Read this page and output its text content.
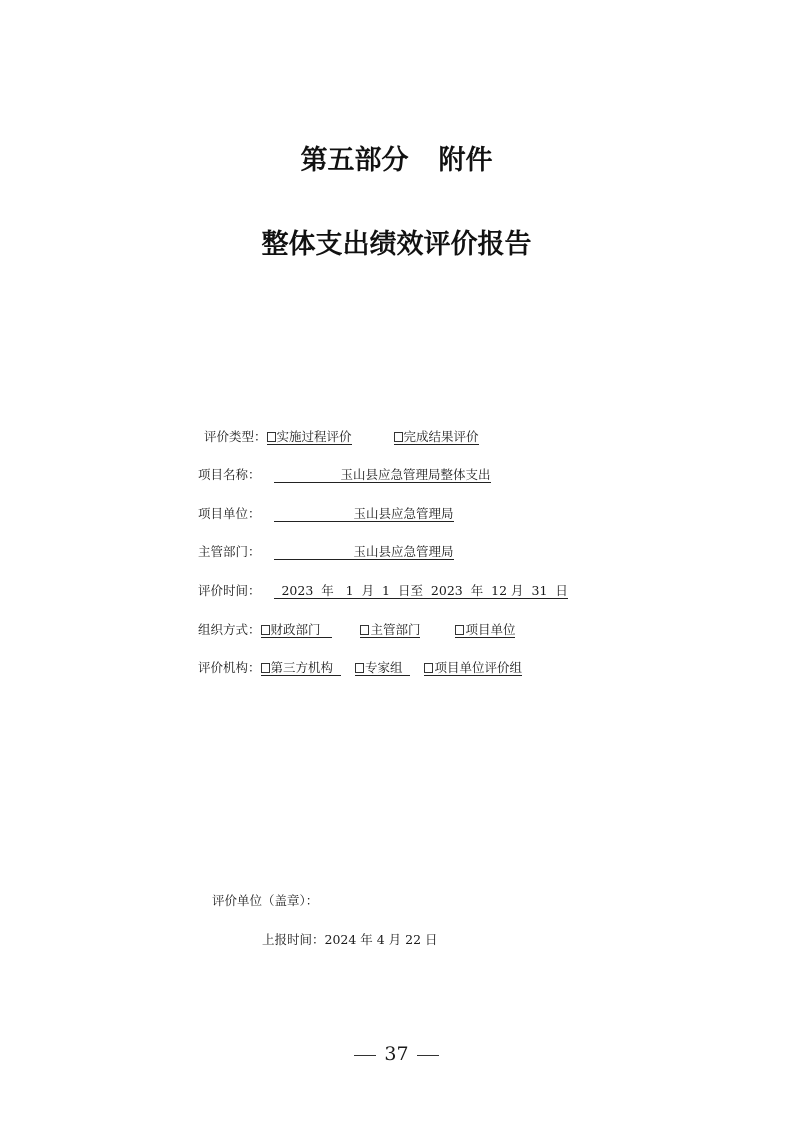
第五部分 附件
整体支出绩效评价报告
评价类型： 实施过程评价	完成结果评价
项目名称：	玉山县应急管理局整体支出
项目单位：	玉山县应急管理局
主管部门：	玉山县应急管理局
评价时间： 2023 年 1 月 1 日至 2023 年 12 月 31 日
组织方式： 财政部门	主管部门	项目单位
评价机构： 第三方机构	专家组	项目单位评价组
评价单位（盖章）：
上报时间：2024 年 4 月 22 日
37
